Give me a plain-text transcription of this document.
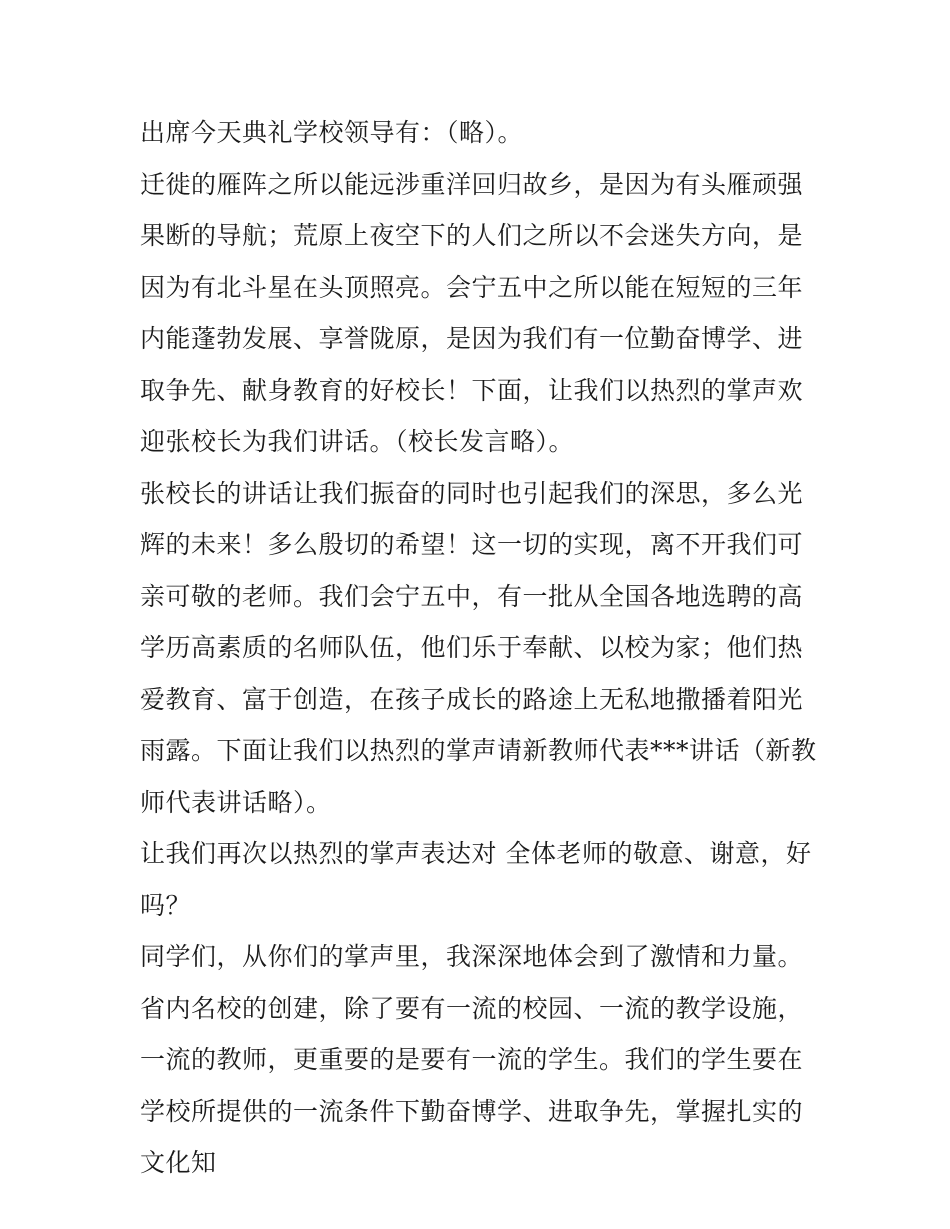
出席今天典礼学校领导有：（略）。

迁徙的雁阵之所以能远涉重洋回归故乡，是因为有头雁顽强果断的导航；荒原上夜空下的人们之所以不会迷失方向，是因为有北斗星在头顶照亮。会宁五中之所以能在短短的三年内能蓬勃发展、享誉陇原，是因为我们有一位勤奋博学、进取争先、献身教育的好校长！下面，让我们以热烈的掌声欢迎张校长为我们讲话。（校长发言略）。

张校长的讲话让我们振奋的同时也引起我们的深思，多么光辉的未来！多么殷切的希望！这一切的实现，离不开我们可亲可敬的老师。我们会宁五中，有一批从全国各地选聘的高学历高素质的名师队伍，他们乐于奉献、以校为家；他们热爱教育、富于创造，在孩子成长的路途上无私地撒播着阳光雨露。下面让我们以热烈的掌声请新教师代表***讲话（新教师代表讲话略）。

让我们再次以热烈的掌声表达对 全体老师的敬意、谢意，好吗？

同学们，从你们的掌声里，我深深地体会到了激情和力量。省内名校的创建，除了要有一流的校园、一流的教学设施，一流的教师，更重要的是要有一流的学生。我们的学生要在学校所提供的一流条件下勤奋博学、进取争先，掌握扎实的文化知
